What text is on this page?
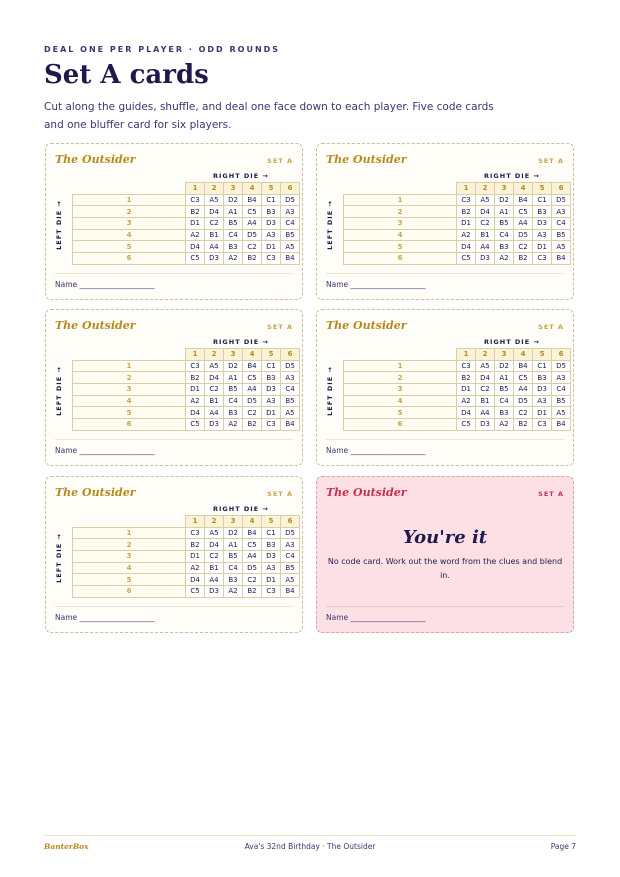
DEAL ONE PER PLAYER · ODD ROUNDS
Set A cards

Cut along the guides, shuffle, and deal one face down to each player. Five code cards and one bluffer card for six players.

The Outsider	SET A
RIGHT DIE →
LEFT DIE →
	1	2	3	4	5	6
1	C3	A5	D2	B4	C1	D5
2	B2	D4	A1	C5	B3	A3
3	D1	C2	B5	A4	D3	C4
4	A2	B1	C4	D5	A3	B5
5	D4	A4	B3	C2	D1	A5
6	C5	D3	A2	B2	C3	B4
Name ____________________
The Outsider	SET A
RIGHT DIE →
LEFT DIE →
	1	2	3	4	5	6
1	C3	A5	D2	B4	C1	D5
2	B2	D4	A1	C5	B3	A3
3	D1	C2	B5	A4	D3	C4
4	A2	B1	C4	D5	A3	B5
5	D4	A4	B3	C2	D1	A5
6	C5	D3	A2	B2	C3	B4
Name ____________________
The Outsider	SET A
RIGHT DIE →
LEFT DIE →
	1	2	3	4	5	6
1	C3	A5	D2	B4	C1	D5
2	B2	D4	A1	C5	B3	A3
3	D1	C2	B5	A4	D3	C4
4	A2	B1	C4	D5	A3	B5
5	D4	A4	B3	C2	D1	A5
6	C5	D3	A2	B2	C3	B4
Name ____________________
The Outsider	SET A
RIGHT DIE →
LEFT DIE →
	1	2	3	4	5	6
1	C3	A5	D2	B4	C1	D5
2	B2	D4	A1	C5	B3	A3
3	D1	C2	B5	A4	D3	C4
4	A2	B1	C4	D5	A3	B5
5	D4	A4	B3	C2	D1	A5
6	C5	D3	A2	B2	C3	B4
Name ____________________
The Outsider	SET A
RIGHT DIE →
LEFT DIE →
	1	2	3	4	5	6
1	C3	A5	D2	B4	C1	D5
2	B2	D4	A1	C5	B3	A3
3	D1	C2	B5	A4	D3	C4
4	A2	B1	C4	D5	A3	B5
5	D4	A4	B3	C2	D1	A5
6	C5	D3	A2	B2	C3	B4
Name ____________________
The Outsider	SET A
You're it
No code card. Work out the word from the clues and blend in.
Name ____________________
BanterBox	Ava's 32nd Birthday · The Outsider	Page 7
